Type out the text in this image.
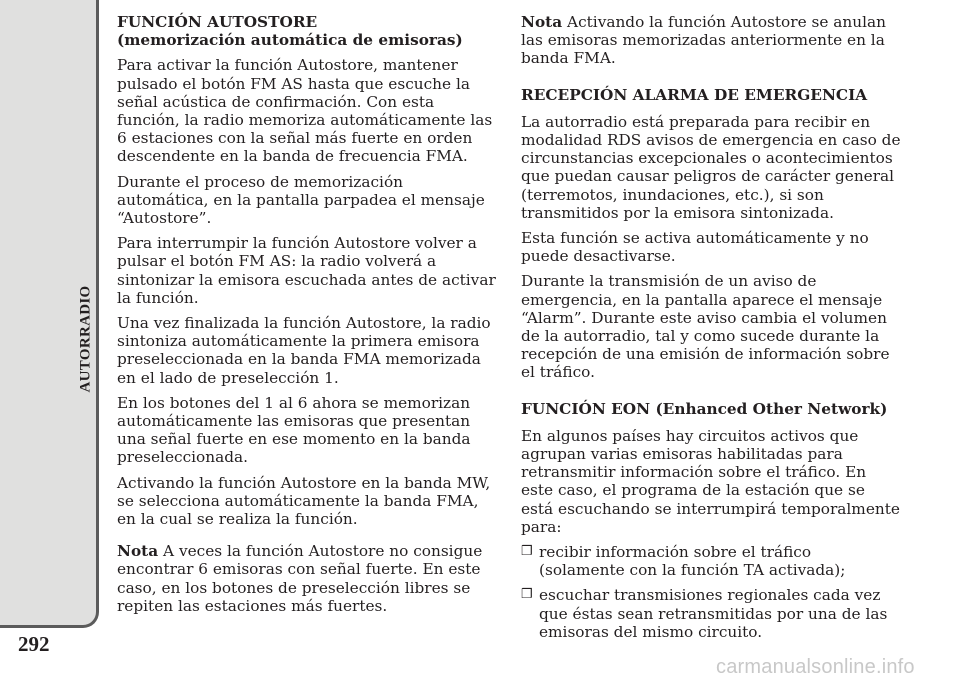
AUTORRADIO
292
FUNCIÓN AUTOSTORE
(memorización automática de emisoras)

Para activar la función Autostore, mantener pulsado el botón FM AS hasta que escuche la señal acústica de confirmación. Con esta función, la radio memoriza automáticamente las 6 estaciones con la señal más fuerte en orden descendente en la banda de frecuencia FMA.

Durante el proceso de memorización automática, en la pantalla parpadea el mensaje “Autostore”.

Para interrumpir la función Autostore volver a pulsar el botón FM AS: la radio volverá a sintonizar la emisora escuchada antes de activar la función.

Una vez finalizada la función Autostore, la radio sintoniza automáticamente la primera emisora preseleccionada en la banda FMA memorizada en el lado de preselección 1.

En los botones del 1 al 6 ahora se memorizan automáticamente las emisoras que presentan una señal fuerte en ese momento en la banda preseleccionada.

Activando la función Autostore en la banda MW, se selecciona automáticamente la banda FMA, en la cual se realiza la función.

Nota A veces la función Autostore no consigue encontrar 6 emisoras con señal fuerte. En este caso, en los botones de preselección libres se repiten las estaciones más fuertes.

Nota Activando la función Autostore se anulan las emisoras memorizadas anteriormente en la banda FMA.

RECEPCIÓN ALARMA DE EMERGENCIA

La autorradio está preparada para recibir en modalidad RDS avisos de emergencia en caso de circunstancias excepcionales o acontecimientos que puedan causar peligros de carácter general (terremotos, inundaciones, etc.), si son transmitidos por la emisora sintonizada.

Esta función se activa automáticamente y no puede desactivarse.

Durante la transmisión de un aviso de emergencia, en la pantalla aparece el mensaje “Alarm”. Durante este aviso cambia el volumen de la autorradio, tal y como sucede durante la recepción de una emisión de información sobre el tráfico.

FUNCIÓN EON (Enhanced Other Network)

En algunos países hay circuitos activos que agrupan varias emisoras habilitadas para retransmitir información sobre el tráfico. En este caso, el programa de la estación que se está escuchando se interrumpirá temporalmente para:

❒ recibir información sobre el tráfico (solamente con la función TA activada);
❒ escuchar transmisiones regionales cada vez que éstas sean retransmitidas por una de las emisoras del mismo circuito.
carmanualsonline.info
